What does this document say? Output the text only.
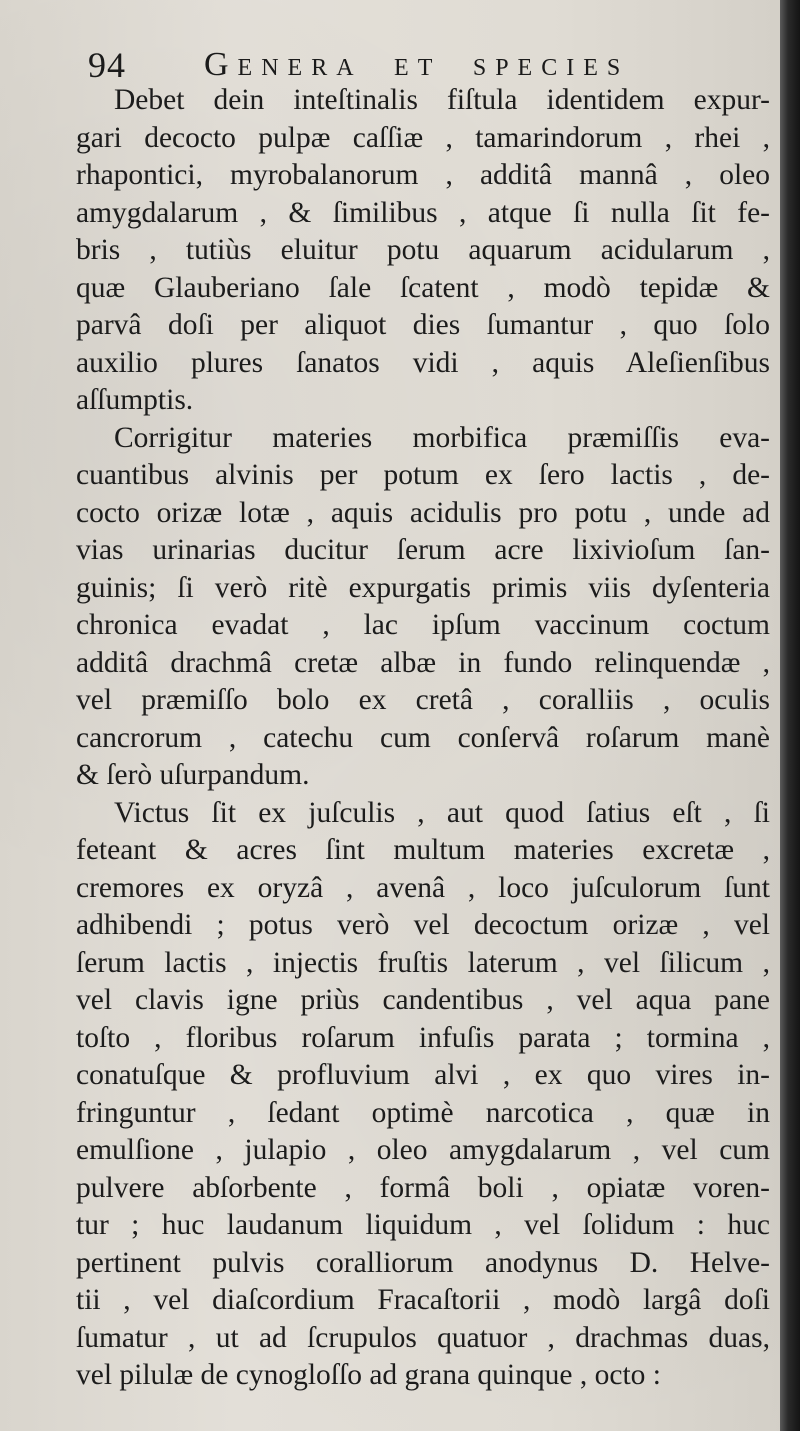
94 Genera et species
Debet dein inteſtinalis fiſtula identidem expur-
gari decocto pulpæ caſſiæ , tamarindorum , rhei ,
rhapontici, myrobalanorum , additâ mannâ , oleo
amygdalarum , & ſimilibus , atque ſi nulla ſit fe-
bris , tutiùs eluitur potu aquarum acidularum ,
quæ Glauberiano ſale ſcatent , modò tepidæ &
parvâ doſi per aliquot dies ſumantur , quo ſolo
auxilio plures ſanatos vidi , aquis Aleſienſibus
aſſumptis.
Corrigitur materies morbifica præmiſſis eva-
cuantibus alvinis per potum ex ſero lactis , de-
cocto orizæ lotæ , aquis acidulis pro potu , unde ad
vias urinarias ducitur ſerum acre lixivioſum ſan-
guinis; ſi verò ritè expurgatis primis viis dyſenteria
chronica evadat , lac ipſum vaccinum coctum
additâ drachmâ cretæ albæ in fundo relinquendæ ,
vel præmiſſo bolo ex cretâ , coralliis , oculis
cancrorum , catechu cum conſervâ roſarum manè
& ſerò uſurpandum.
Victus ſit ex juſculis , aut quod ſatius eſt , ſi
feteant & acres ſint multum materies excretæ ,
cremores ex oryzâ , avenâ , loco juſculorum ſunt
adhibendi ; potus verò vel decoctum orizæ , vel
ſerum lactis , injectis fruſtis laterum , vel ſilicum ,
vel clavis igne priùs candentibus , vel aqua pane
toſto , floribus roſarum infuſis parata ; tormina ,
conatuſque & profluvium alvi , ex quo vires in-
fringuntur , ſedant optimè narcotica , quæ in
emulſione , julapio , oleo amygdalarum , vel cum
pulvere abſorbente , formâ boli , opiatæ voren-
tur ; huc laudanum liquidum , vel ſolidum : huc
pertinent pulvis coralliorum anodynus D. Helve-
tii , vel diaſcordium Fracaſtorii , modò largâ doſi
ſumatur , ut ad ſcrupulos quatuor , drachmas duas,
vel pilulæ de cynogloſſo ad grana quinque , octo :
